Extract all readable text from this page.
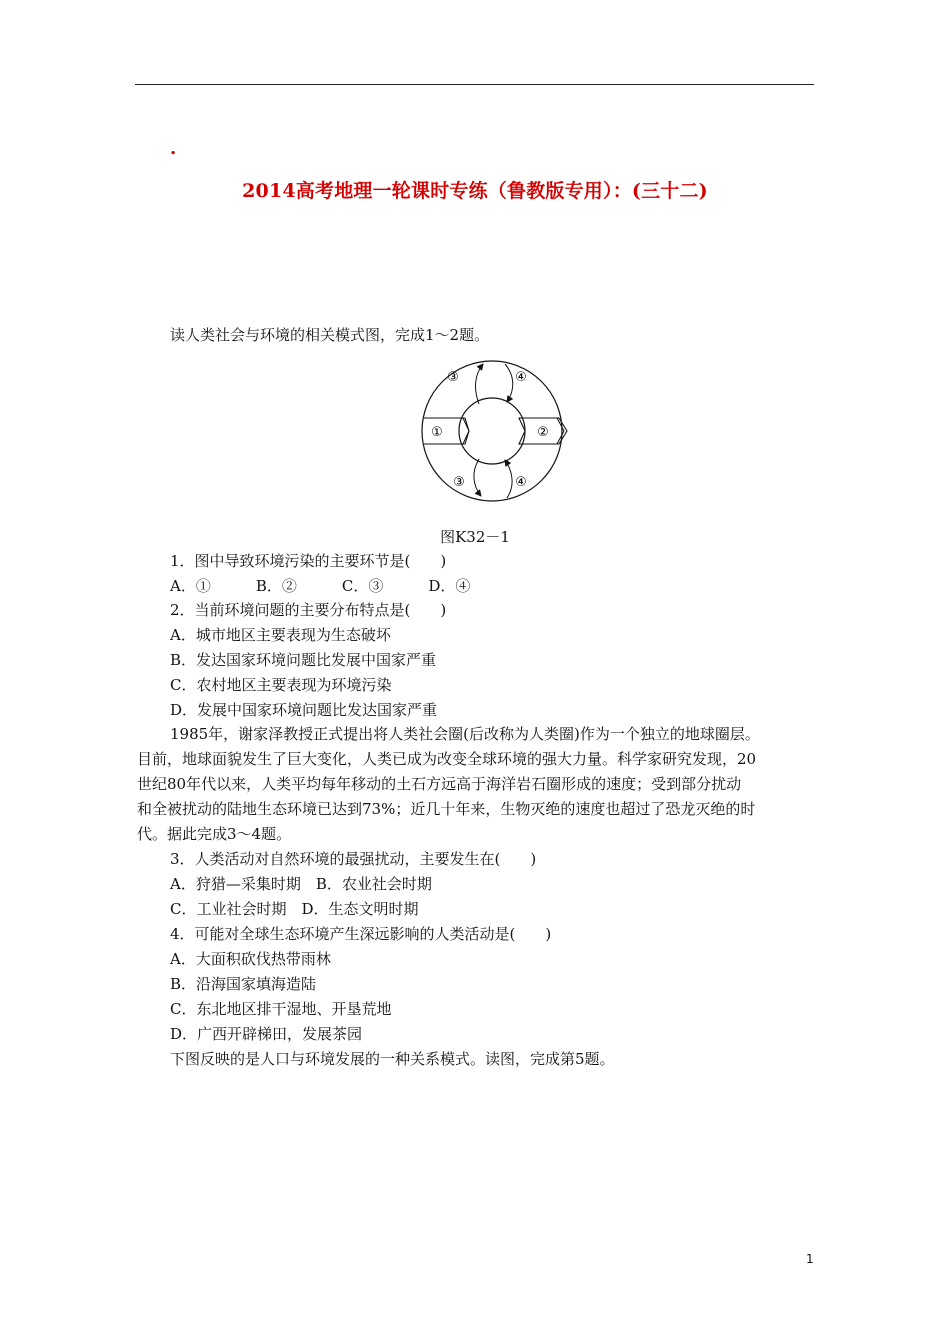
.
2014高考地理一轮课时专练（鲁教版专用）：(三十二)
读人类社会与环境的相关模式图，完成1～2题。
③	④
①	②
③	④
图K32－1
1．图中导致环境污染的主要环节是(　　)
A．①　　　B．②　　　C．③　　　D．④
2．当前环境问题的主要分布特点是(　　)
A．城市地区主要表现为生态破坏
B．发达国家环境问题比发展中国家严重
C．农村地区主要表现为环境污染
D．发展中国家环境问题比发达国家严重
1985年，谢家泽教授正式提出将人类社会圈(后改称为人类圈)作为一个独立的地球圈层。
目前，地球面貌发生了巨大变化，人类已成为改变全球环境的强大力量。科学家研究发现，20
世纪80年代以来，人类平均每年移动的土石方远高于海洋岩石圈形成的速度；受到部分扰动
和全被扰动的陆地生态环境已达到73%；近几十年来，生物灭绝的速度也超过了恐龙灭绝的时
代。据此完成3～4题。
3．人类活动对自然环境的最强扰动，主要发生在(　　)
A．狩猎—采集时期　B．农业社会时期
C．工业社会时期　D．生态文明时期
4．可能对全球生态环境产生深远影响的人类活动是(　　)
A．大面积砍伐热带雨林
B．沿海国家填海造陆
C．东北地区排干湿地、开垦荒地
D．广西开辟梯田，发展茶园
下图反映的是人口与环境发展的一种关系模式。读图，完成第5题。
1
